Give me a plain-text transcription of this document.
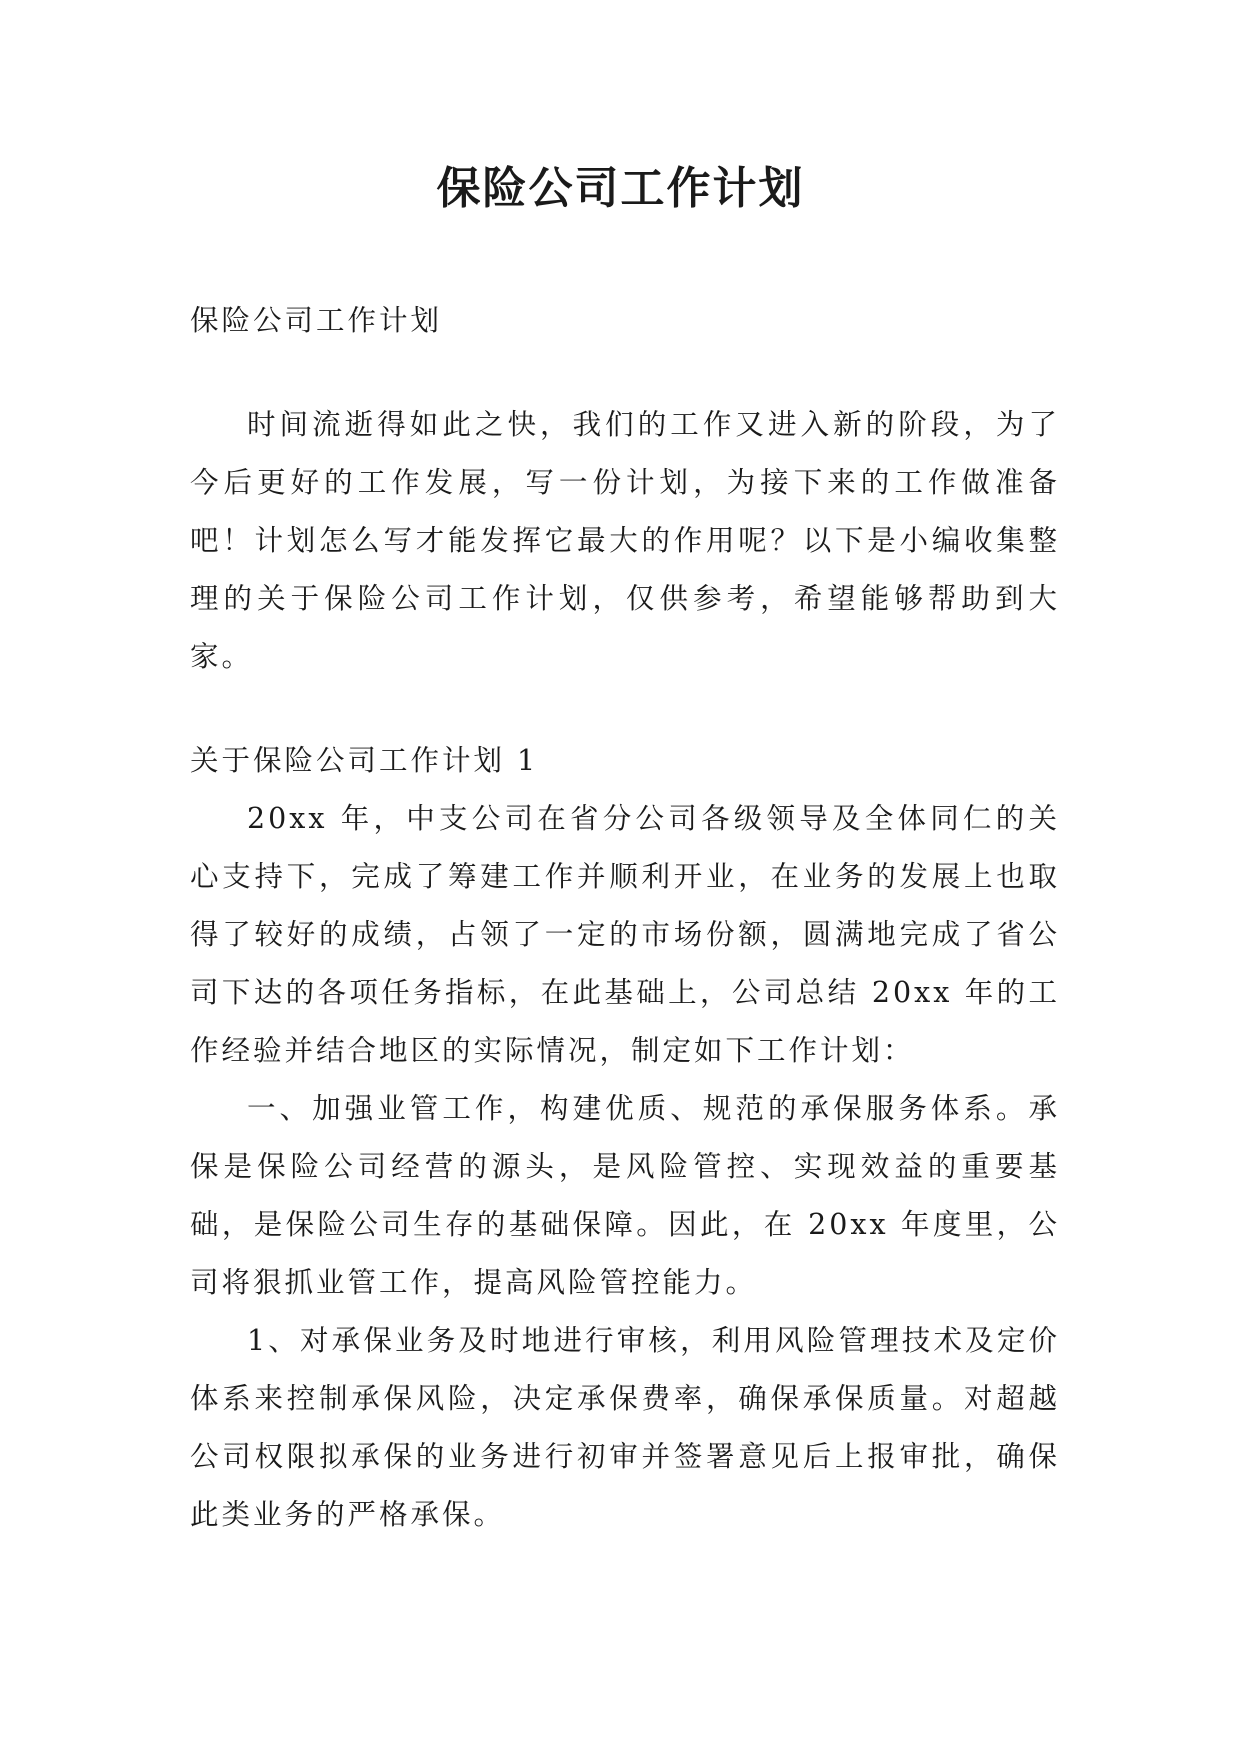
保险公司工作计划

保险公司工作计划

时间流逝得如此之快，我们的工作又进入新的阶段，为了今后更好的工作发展，写一份计划，为接下来的工作做准备吧！计划怎么写才能发挥它最大的作用呢？以下是小编收集整理的关于保险公司工作计划，仅供参考，希望能够帮助到大家。

关于保险公司工作计划 1

20xx 年，中支公司在省分公司各级领导及全体同仁的关心支持下，完成了筹建工作并顺利开业，在业务的发展上也取得了较好的成绩，占领了一定的市场份额，圆满地完成了省公司下达的各项任务指标，在此基础上，公司总结 20xx 年的工作经验并结合地区的实际情况，制定如下工作计划：

一、加强业管工作，构建优质、规范的承保服务体系。承保是保险公司经营的源头，是风险管控、实现效益的重要基础，是保险公司生存的基础保障。因此，在 20xx 年度里，公司将狠抓业管工作，提高风险管控能力。

1、对承保业务及时地进行审核，利用风险管理技术及定价体系来控制承保风险，决定承保费率，确保承保质量。对超越公司权限拟承保的业务进行初审并签署意见后上报审批，确保此类业务的严格承保。
